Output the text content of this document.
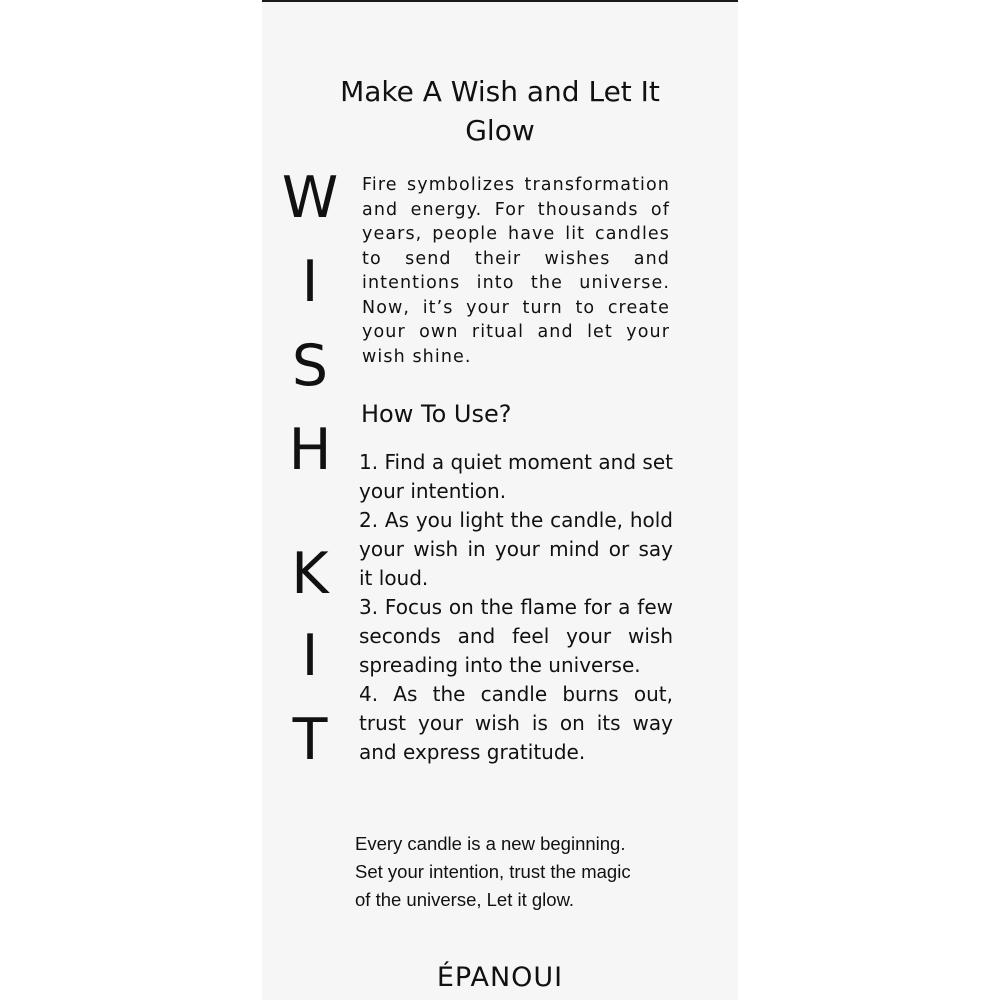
Make A Wish and Let It Glow
W
I
S
H
K
I
T

Fire symbolizes transformation and energy. For thousands of years, people have lit candles to send their wishes and intentions into the universe. Now, it’s your turn to create your own ritual and let your wish shine.

How To Use?

1. Find a quiet moment and set your intention.

2. As you light the candle, hold your wish in your mind or say it loud.

3. Focus on the flame for a few seconds and feel your wish spreading into the universe.

4. As the candle burns out, trust your wish is on its way and express gratitude.

Every candle is a new beginning.

Set your intention, trust the magic

of the universe, Let it glow.

ÉPANOUI
